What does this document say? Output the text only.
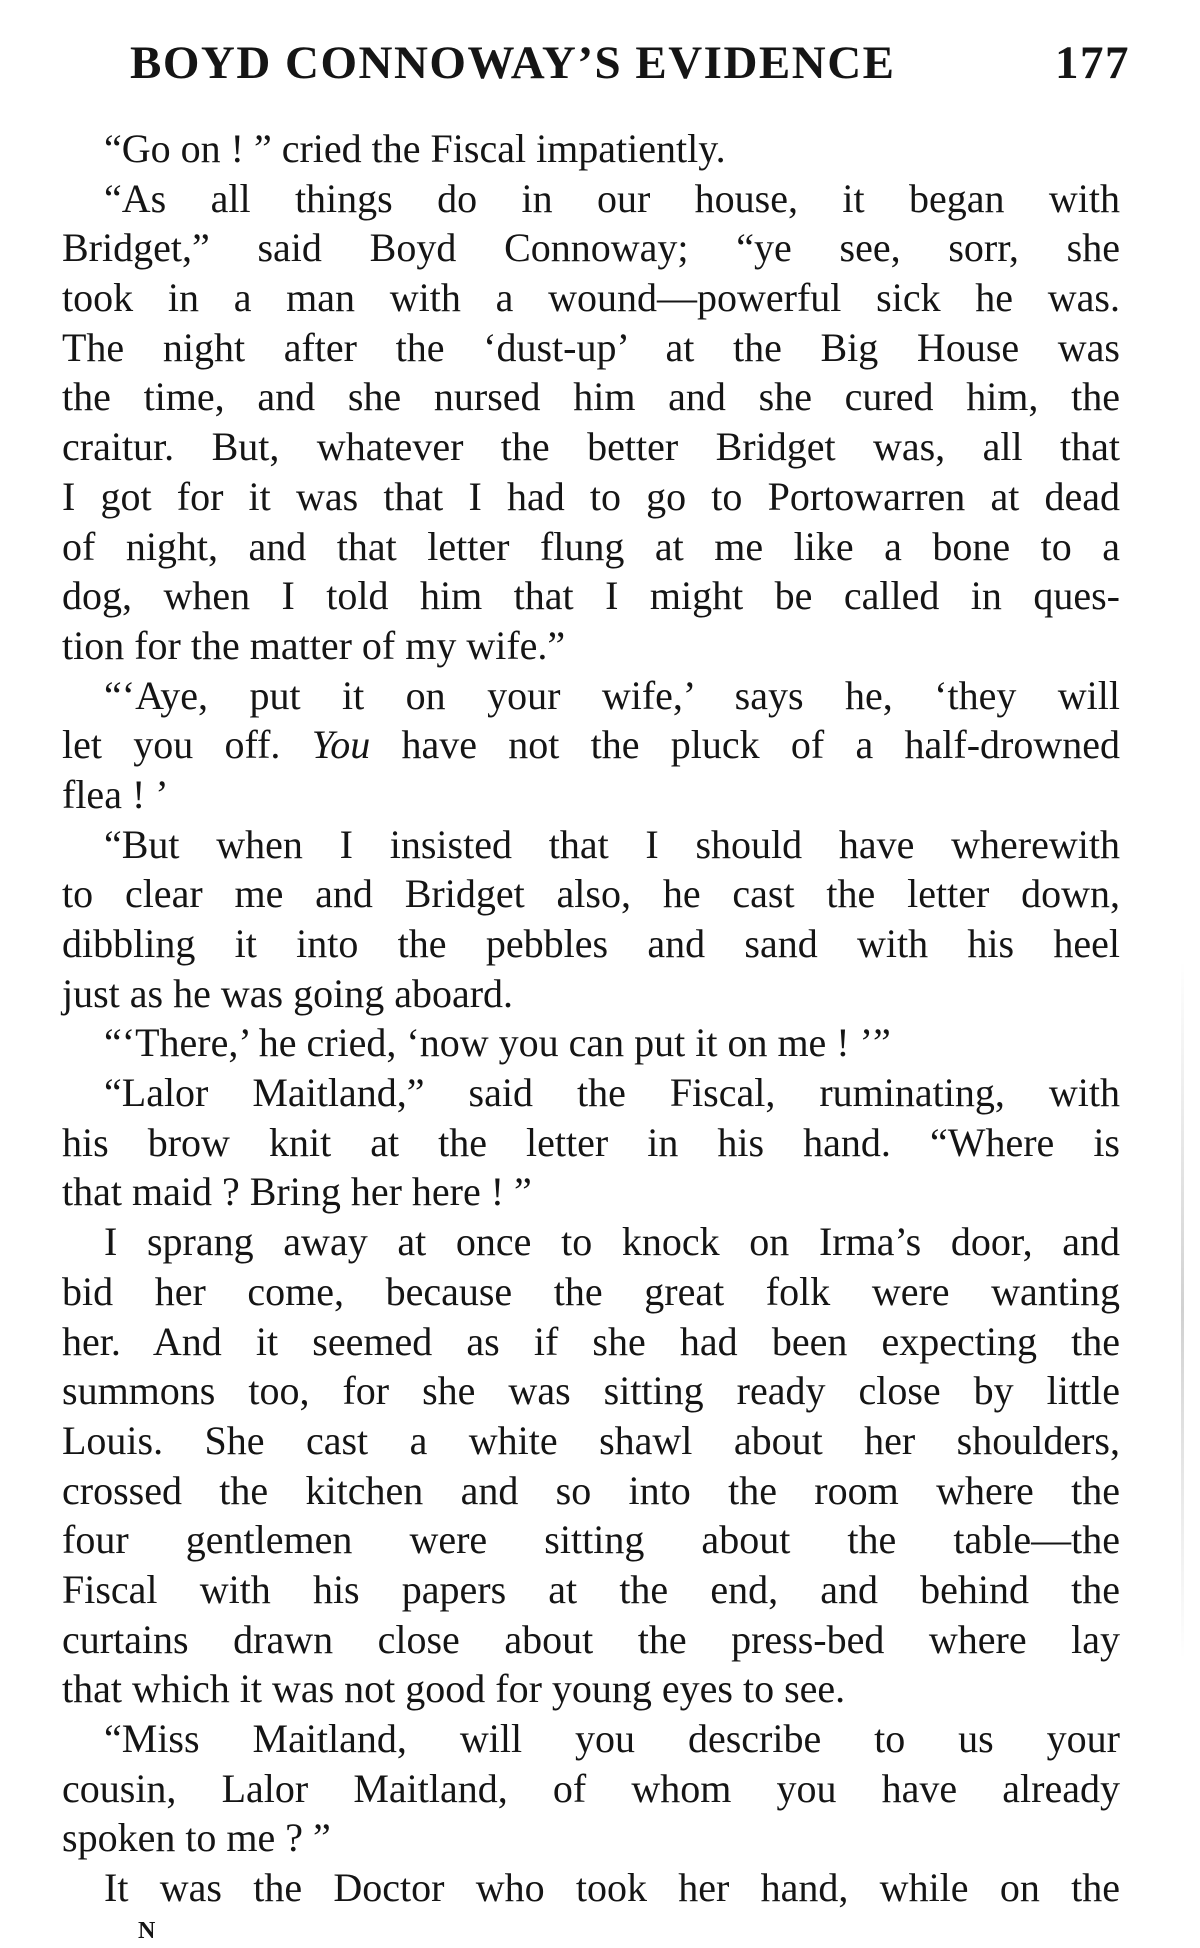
BOYD CONNOWAY’S EVIDENCE	177
“Go on ! ” cried the Fiscal impatiently.
“As all things do in our house, it began with
Bridget,” said Boyd Connoway; “ye see, sorr, she
took in a man with a wound—powerful sick he was.
The night after the ‘dust-up’ at the Big House was
the time, and she nursed him and she cured him, the
craitur. But, whatever the better Bridget was, all that
I got for it was that I had to go to Portowarren at dead
of night, and that letter flung at me like a bone to a
dog, when I told him that I might be called in ques-
tion for the matter of my wife.”
“‘Aye, put it on your wife,’ says he, ‘they will
let you off. You have not the pluck of a half-drowned
flea ! ’
“But when I insisted that I should have wherewith
to clear me and Bridget also, he cast the letter down,
dibbling it into the pebbles and sand with his heel
just as he was going aboard.
“‘There,’ he cried, ‘now you can put it on me ! ’”
“Lalor Maitland,” said the Fiscal, ruminating, with
his brow knit at the letter in his hand. “Where is
that maid ? Bring her here ! ”
I sprang away at once to knock on Irma’s door, and
bid her come, because the great folk were wanting
her. And it seemed as if she had been expecting the
summons too, for she was sitting ready close by little
Louis. She cast a white shawl about her shoulders,
crossed the kitchen and so into the room where the
four gentlemen were sitting about the table—the
Fiscal with his papers at the end, and behind the
curtains drawn close about the press-bed where lay
that which it was not good for young eyes to see.
“Miss Maitland, will you describe to us your
cousin, Lalor Maitland, of whom you have already
spoken to me ? ”
It was the Doctor who took her hand, while on the
N
